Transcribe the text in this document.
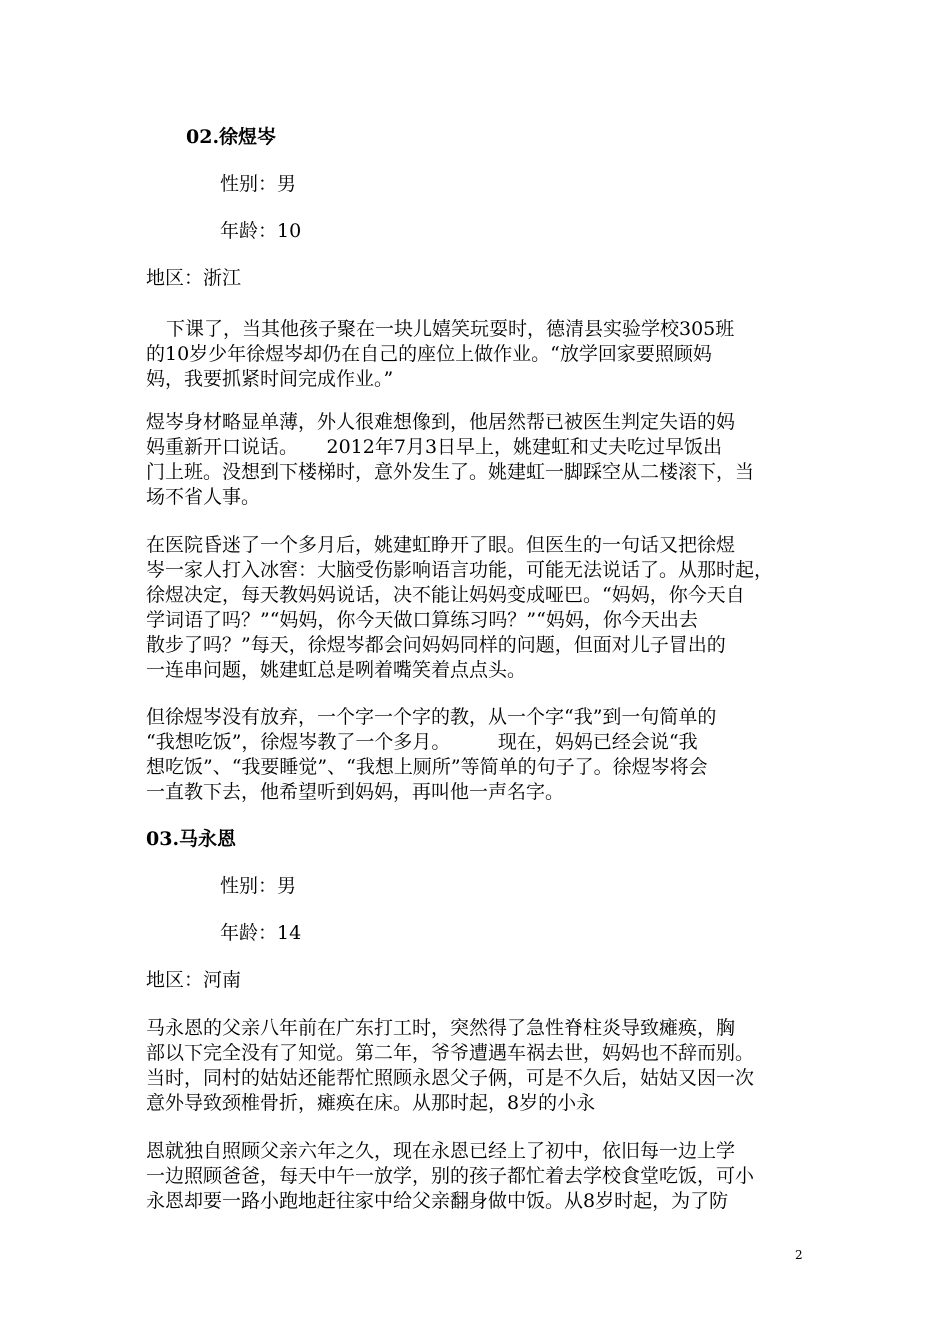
02.徐煜岑
性别：男
年龄：10
地区：浙江
下课了，当其他孩子聚在一块儿嬉笑玩耍时，德清县实验学校305班
的10岁少年徐煜岑却仍在自己的座位上做作业。“放学回家要照顾妈
妈，我要抓紧时间完成作业。”
煜岑身材略显单薄，外人很难想像到，他居然帮已被医生判定失语的妈
妈重新开口说话。　　2012年7月3日早上，姚建虹和丈夫吃过早饭出
门上班。没想到下楼梯时，意外发生了。姚建虹一脚踩空从二楼滚下，当
场不省人事。
在医院昏迷了一个多月后，姚建虹睁开了眼。但医生的一句话又把徐煜
岑一家人打入冰窖：大脑受伤影响语言功能，可能无法说话了。从那时起，
徐煜决定，每天教妈妈说话，决不能让妈妈变成哑巴。“妈妈，你今天自
学词语了吗？”“妈妈，你今天做口算练习吗？”“妈妈，你今天出去
散步了吗？”每天，徐煜岑都会问妈妈同样的问题，但面对儿子冒出的
一连串问题，姚建虹总是咧着嘴笑着点点头。
但徐煜岑没有放弃，一个字一个字的教，从一个字“我”到一句简单的
“我想吃饭”，徐煜岑教了一个多月。　　　现在，妈妈已经会说“我
想吃饭”、“我要睡觉”、“我想上厕所”等简单的句子了。徐煜岑将会
一直教下去，他希望听到妈妈，再叫他一声名字。
03.马永恩
性别：男
年龄：14
地区：河南
马永恩的父亲八年前在广东打工时，突然得了急性脊柱炎导致瘫痪，胸
部以下完全没有了知觉。第二年，爷爷遭遇车祸去世，妈妈也不辞而别。
当时，同村的姑姑还能帮忙照顾永恩父子俩，可是不久后，姑姑又因一次
意外导致颈椎骨折，瘫痪在床。从那时起，8岁的小永
恩就独自照顾父亲六年之久，现在永恩已经上了初中，依旧每一边上学
一边照顾爸爸，每天中午一放学，别的孩子都忙着去学校食堂吃饭，可小
永恩却要一路小跑地赶往家中给父亲翻身做中饭。从8岁时起，为了防
2
